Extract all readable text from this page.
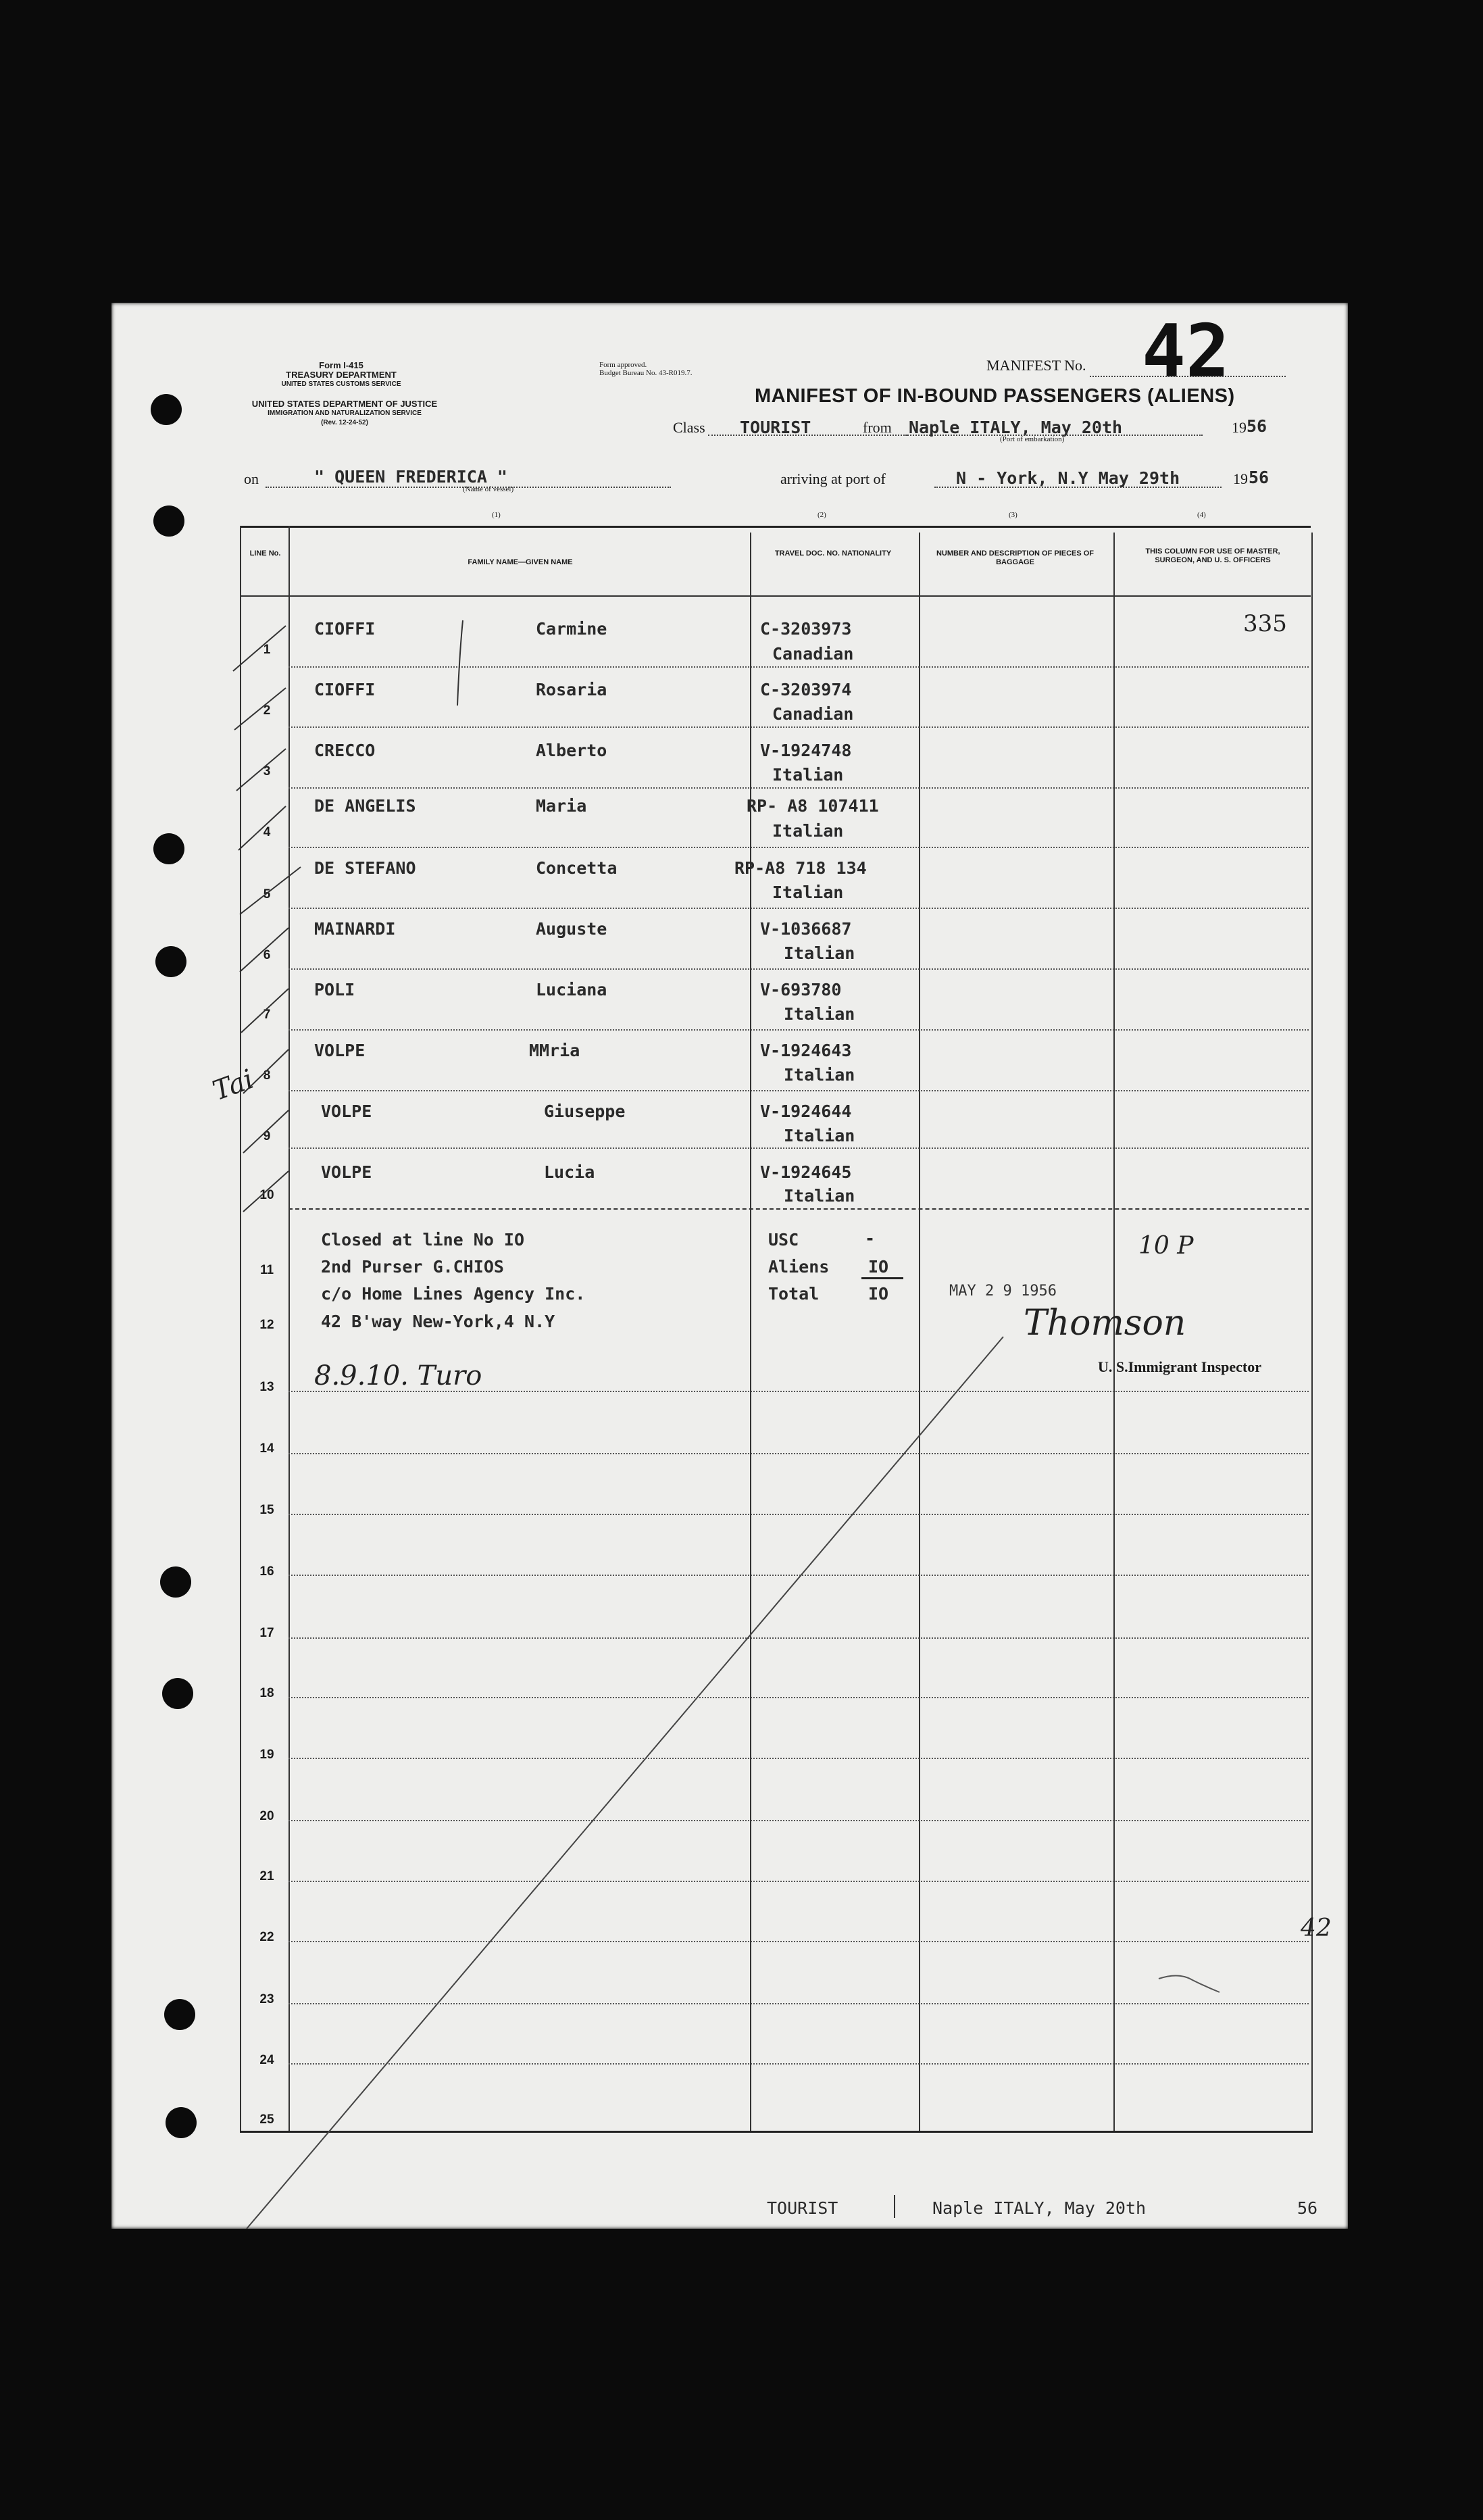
Form I-415
TREASURY DEPARTMENT
UNITED STATES CUSTOMS SERVICE
UNITED STATES DEPARTMENT OF JUSTICE
IMMIGRATION AND NATURALIZATION SERVICE
(Rev. 12-24-52)
Form approved.
Budget Bureau No. 43-R019.7.	MANIFEST No. 42
MANIFEST OF IN-BOUND PASSENGERS (ALIENS)
Class TOURIST	from Naple ITALY, May 20th
(Port of embarkation)
19 56
on	" QUEEN FREDERICA "
(Name of vessel)
arriving at port of	N - York, N.Y May 29th	19 56
(1)	(2)	(3)	(4)
LINE No.
FAMILY NAME—GIVEN NAME
TRAVEL DOC. NO. NATIONALITY	NUMBER AND DESCRIPTION OF PIECES OF BAGGAGE
THIS COLUMN FOR USE OF MASTER, SURGEON, AND U. S. OFFICERS
1
CIOFFI	Carmine	C-3203973
Canadian
2
CIOFFI	Rosaria	C-3203974
Canadian
3
CRECCO	Alberto	V-1924748
Italian
4
DE ANGELIS	Maria	RP- A8 107411
Italian
5
DE STEFANO	Concetta	RP-A8 718 134
Italian
6
MAINARDI	Auguste	V-1036687
Italian
7
POLI	Luciana	V-693780
Italian
8
VOLPE	MMria	V-1924643
Italian
9
VOLPE	Giuseppe	V-1924644
Italian
10
VOLPE	Lucia	V-1924645
Italian
11
12
13
14
15
16
17
18
19
20
21
22
23
24
25
Closed at line No IO
2nd Purser G.CHIOS
c/o Home Lines Agency Inc.
42 B'way New-York,4 N.Y
USC	-
Aliens IO
Total	IO	MAY 2 9 1956
U. S.Immigrant Inspector
335
Thomson
10 P
8.9.10. Turo
Tai
42
TOURIST	Naple ITALY, May 20th	56
